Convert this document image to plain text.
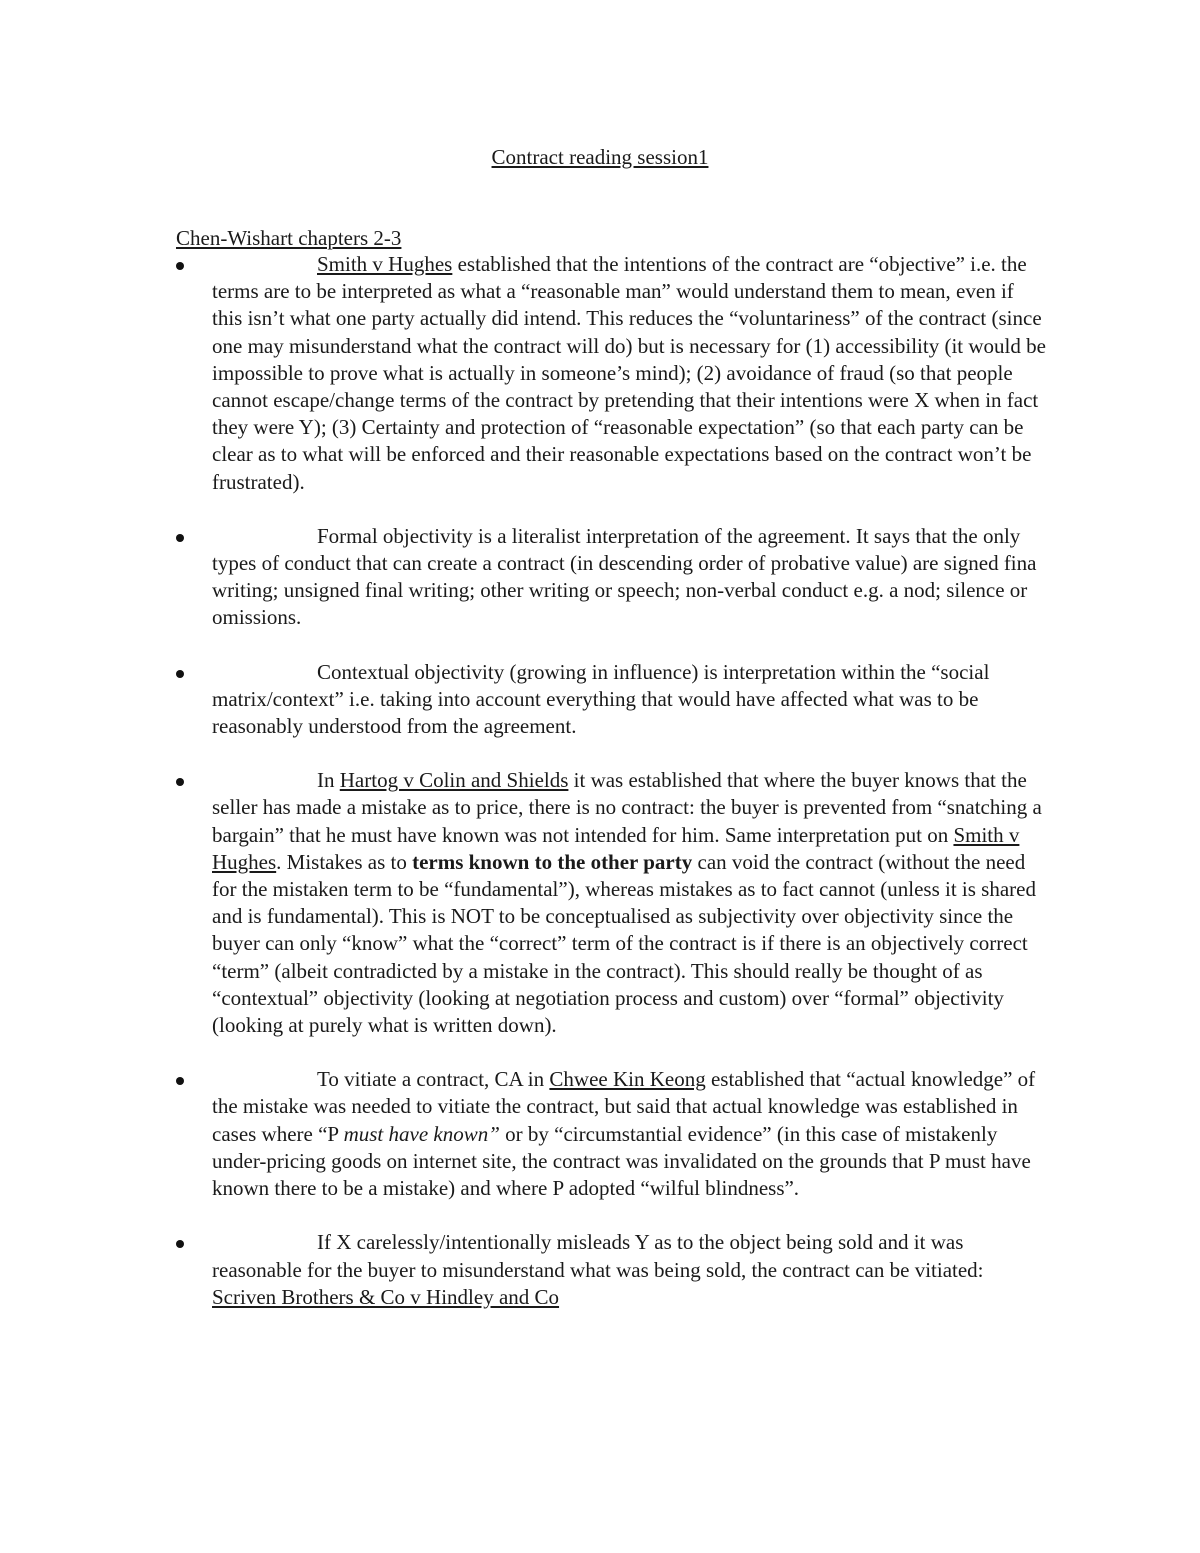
Contract reading session1
Chen-Wishart chapters 2-3
Smith v Hughes established that the intentions of the contract are “objective” i.e. the terms are to be interpreted as what a “reasonable man” would understand them to mean, even if this isn’t what one party actually did intend. This reduces the “voluntariness” of the contract (since one may misunderstand what the contract will do) but is necessary for (1) accessibility (it would be impossible to prove what is actually in someone’s mind); (2) avoidance of fraud (so that people cannot escape/change terms of the contract by pretending that their intentions were X when in fact they were Y); (3) Certainty and protection of “reasonable expectation” (so that each party can be clear as to what will be enforced and their reasonable expectations based on the contract won’t be frustrated).
Formal objectivity is a literalist interpretation of the agreement. It says that the only types of conduct that can create a contract (in descending order of probative value) are signed fina writing; unsigned final writing; other writing or speech; non-verbal conduct e.g. a nod; silence or omissions.
Contextual objectivity (growing in influence) is interpretation within the “social matrix/context” i.e. taking into account everything that would have affected what was to be reasonably understood from the agreement.
In Hartog v Colin and Shields it was established that where the buyer knows that the seller has made a mistake as to price, there is no contract: the buyer is prevented from “snatching a bargain” that he must have known was not intended for him. Same interpretation put on Smith v Hughes. Mistakes as to terms known to the other party can void the contract (without the need for the mistaken term to be “fundamental”), whereas mistakes as to fact cannot (unless it is shared and is fundamental). This is NOT to be conceptualised as subjectivity over objectivity since the buyer can only “know” what the “correct” term of the contract is if there is an objectively correct “term” (albeit contradicted by a mistake in the contract). This should really be thought of as “contextual” objectivity (looking at negotiation process and custom) over “formal” objectivity (looking at purely what is written down).
To vitiate a contract, CA in Chwee Kin Keong established that “actual knowledge” of the mistake was needed to vitiate the contract, but said that actual knowledge was established in cases where “P must have known” or by “circumstantial evidence” (in this case of mistakenly under-pricing goods on internet site, the contract was invalidated on the grounds that P must have known there to be a mistake) and where P adopted “wilful blindness”.
If X carelessly/intentionally misleads Y as to the object being sold and it was reasonable for the buyer to misunderstand what was being sold, the contract can be vitiated: Scriven Brothers & Co v Hindley and Co
